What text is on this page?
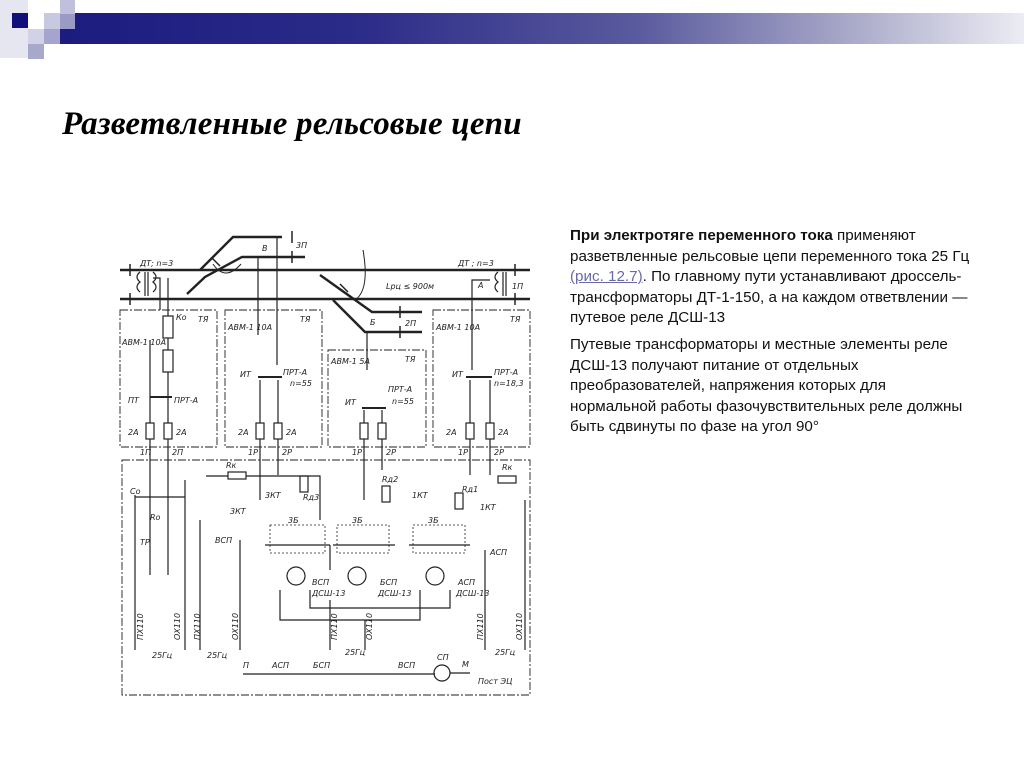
Разветвленные рельсовые цепи

При электротяге переменного тока применяют разветвленные рельсовые цепи переменного тока 25 Гц (рис. 12.7). По главному пути устанавливают дроссель-трансформаторы ДТ-1-150, а на каждом ответвлении — путевое реле ДСШ-13

Путевые трансформаторы и местные элементы реле ДСШ-13 получают питание от отдельных преобразователей, напряжения которых для нормальной работы фазочувствительных реле должны быть сдвинуты по фазе на угол 90°

ДТ; n=3	ДТ ; n=3
Lрц ≤ 900м
В
Б
А	1П
2П
3П
ТЯ	ТЯ
ТЯ
ТЯ
АВМ-1 10А
АВМ-1 10А
АВМ-1 5А
АВМ-1 10А
Ко
ПТ	ПРТ-А
ПРТ-А
ПРТ-А
ПРТ-А
ИТ
ИТ
ИТ
n=55
n=55
n=18,3
2А	2А	2А	2А	2А	2А
1П	2П	1Р	2Р	1Р	2Р	1Р	2Р
Со
Ro
ТР
Rк	Rк
3КТ
3КТ
1КТ
1КТ
Rд3
Rд2
Rд1
3Б	3Б	3Б
ВСП
АСП
ВСП
ДСШ-13
БСП
ДСШ-13
АСП
ДСШ-13
ПХ110	ОХ110 ПХ110	ОХ110	ПХ110	ОХ110	ПХ110	ОХ110
25Гц	25Гц	25Гц	25Гц
П	АСП	БСП	ВСП
СП
М
Пост ЭЦ
